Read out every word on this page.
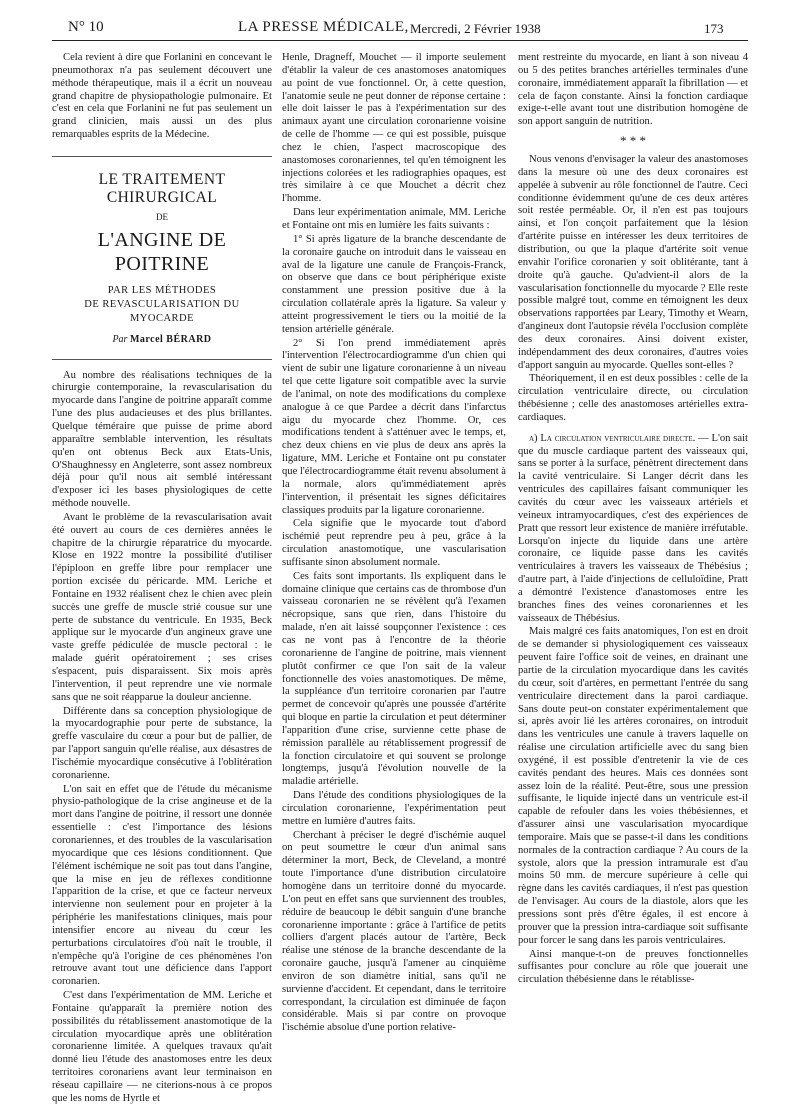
N° 10	LA PRESSE MÉDICALE, Mercredi, 2 Février 1938	173

Cela revient à dire que Forlanini en concevant le pneumothorax n'a pas seulement découvert une méthode thérapeutique, mais il a écrit un nouveau grand chapitre de physiopathologie pulmonaire. Et c'est en cela que Forlanini ne fut pas seulement un grand clinicien, mais aussi un des plus remarquables esprits de la Médecine.

LE TRAITEMENT CHIRURGICAL
DE
L'ANGINE DE POITRINE
PAR LES MÉTHODES
DE REVASCULARISATION DU MYOCARDE
Par Marcel BÉRARD

Au nombre des réalisations techniques de la chirurgie contemporaine, la revascularisation du myocarde dans l'angine de poitrine apparaît comme l'une des plus audacieuses et des plus brillantes. Quelque téméraire que puisse de prime abord apparaître semblable intervention, les résultats qu'en ont obtenus Beck aux Etats-Unis, O'Shaughnessy en Angleterre, sont assez nombreux déjà pour qu'il nous ait semblé intéressant d'exposer ici les bases physiologiques de cette méthode nouvelle.

Avant le problème de la revascularisation avait été ouvert au cours de ces dernières années le chapitre de la chirurgie réparatrice du myocarde. Klose en 1922 montre la possibilité d'utiliser l'épiploon en greffe libre pour remplacer une portion excisée du péricarde. MM. Leriche et Fontaine en 1932 réalisent chez le chien avec plein succès une greffe de muscle strié cousue sur une perte de substance du ventricule. En 1935, Beck applique sur le myocarde d'un angineux grave une vaste greffe pédiculée de muscle pectoral : le malade guérit opératoirement ; ses crises s'espacent, puis disparaissent. Six mois après l'intervention, il peut reprendre une vie normale sans que ne soit réapparue la douleur ancienne.

Différente dans sa conception physiologique de la myocardographie pour perte de substance, la greffe vasculaire du cœur a pour but de pallier, de par l'apport sanguin qu'elle réalise, aux désastres de l'ischémie myocardique consécutive à l'oblitération coronarienne.

L'on sait en effet que de l'étude du mécanisme physio-pathologique de la crise angineuse et de la mort dans l'angine de poitrine, il ressort une donnée essentielle : c'est l'importance des lésions coronariennes, et des troubles de la vascularisation myocardique que ces lésions conditionnent. Que l'élément ischémique ne soit pas tout dans l'angine, que la mise en jeu de réflexes conditionne l'apparition de la crise, et que ce facteur nerveux intervienne non seulement pour en projeter à la périphérie les manifestations cliniques, mais pour intensifier encore au niveau du cœur les perturbations circulatoires d'où naît le trouble, il n'empêche qu'à l'origine de ces phénomènes l'on retrouve avant tout une déficience dans l'apport coronarien.

C'est dans l'expérimentation de MM. Leriche et Fontaine qu'apparaît la première notion des possibilités du rétablissement anastomotique de la circulation myocardique après une oblitération coronarienne limitée. A quelques travaux qu'ait donné lieu l'étude des anastomoses entre les deux territoires coronariens avant leur terminaison en réseau capillaire — ne citerions-nous à ce propos que les noms de Hyrtle et

Henle, Dragneff, Mouchet — il importe seulement d'établir la valeur de ces anastomoses anatomiques au point de vue fonctionnel. Or, à cette question, l'anatomie seule ne peut donner de réponse certaine : elle doit laisser le pas à l'expérimentation sur des animaux ayant une circulation coronarienne voisine de celle de l'homme — ce qui est possible, puisque chez le chien, l'aspect macroscopique des anastomoses coronariennes, tel qu'en témoignent les injections colorées et les radiographies opaques, est très similaire à ce que Mouchet a décrit chez l'homme.

Dans leur expérimentation animale, MM. Leriche et Fontaine ont mis en lumière les faits suivants :

1° Si après ligature de la branche descendante de la coronaire gauche on introduit dans le vaisseau en aval de la ligature une canule de François-Franck, on observe que dans ce bout périphérique existe constamment une pression positive due à la circulation collatérale après la ligature. Sa valeur y atteint progressivement le tiers ou la moitié de la tension artérielle générale.

2° Si l'on prend immédiatement après l'intervention l'électrocardiogramme d'un chien qui vient de subir une ligature coronarienne à un niveau tel que cette ligature soit compatible avec la survie de l'animal, on note des modifications du complexe analogue à ce que Pardee a décrit dans l'infarctus aigu du myocarde chez l'homme. Or, ces modifications tendent à s'atténuer avec le temps, et, chez deux chiens en vie plus de deux ans après la ligature, MM. Leriche et Fontaine ont pu constater que l'électrocardiogramme était revenu absolument à la normale, alors qu'immédiatement après l'intervention, il présentait les signes déficitaires classiques produits par la ligature coronarienne.

Cela signifie que le myocarde tout d'abord ischémié peut reprendre peu à peu, grâce à la circulation anastomotique, une vascularisation suffisante sinon absolument normale.

Ces faits sont importants. Ils expliquent dans le domaine clinique que certains cas de thrombose d'un vaisseau coronarien ne se révèlent qu'à l'examen nécropsique, sans que rien, dans l'histoire du malade, n'en ait laissé soupçonner l'existence : ces cas ne vont pas à l'encontre de la théorie coronarienne de l'angine de poitrine, mais viennent plutôt confirmer ce que l'on sait de la valeur fonctionnelle des voies anastomotiques. De même, la suppléance d'un territoire coronarien par l'autre permet de concevoir qu'après une poussée d'artérite qui bloque en partie la circulation et peut déterminer l'apparition d'une crise, survienne cette phase de rémission parallèle au rétablissement progressif de la fonction circulatoire et qui souvent se prolonge longtemps, jusqu'à l'évolution nouvelle de la maladie artérielle.

Dans l'étude des conditions physiologiques de la circulation coronarienne, l'expérimentation peut mettre en lumière d'autres faits.

Cherchant à préciser le degré d'ischémie auquel on peut soumettre le cœur d'un animal sans déterminer la mort, Beck, de Cleveland, a montré toute l'importance d'une distribution circulatoire homogène dans un territoire donné du myocarde. L'on peut en effet sans que surviennent des troubles, réduire de beaucoup le débit sanguin d'une branche coronarienne importante : grâce à l'artifice de petits colliers d'argent placés autour de l'artère, Beck réalise une sténose de la branche descendante de la coronaire gauche, jusqu'à l'amener au cinquième environ de son diamètre initial, sans qu'il ne survienne d'accident. Et cependant, dans le territoire correspondant, la circulation est diminuée de façon considérable. Mais si par contre on provoque l'ischémie absolue d'une portion relative-

ment restreinte du myocarde, en liant à son niveau 4 ou 5 des petites branches artérielles terminales d'une coronaire, immédiatement apparaît la fibrillation — et cela de façon constante. Ainsi la fonction cardiaque exige-t-elle avant tout une distribution homogène de son apport sanguin de nutrition.

* * *

Nous venons d'envisager la valeur des anastomoses dans la mesure où une des deux coronaires est appelée à subvenir au rôle fonctionnel de l'autre. Ceci conditionne évidemment qu'une de ces deux artères soit restée perméable. Or, il n'en est pas toujours ainsi, et l'on conçoit parfaitement que la lésion d'artérite puisse en intéresser les deux territoires de distribution, ou que la plaque d'artérite soit venue envahir l'orifice coronarien y soit oblitérante, tant à droite qu'à gauche. Qu'advient-il alors de la vascularisation fonctionnelle du myocarde ? Elle reste possible malgré tout, comme en témoignent les deux observations rapportées par Leary, Timothy et Wearn, d'angineux dont l'autopsie révéla l'occlusion complète des deux coronaires. Ainsi doivent exister, indépendamment des deux coronaires, d'autres voies d'apport sanguin au myocarde. Quelles sont-elles ?

Théoriquement, il en est deux possibles : celle de la circulation ventriculaire directe, ou circulation thébésienne ; celle des anastomoses artérielles extra-cardiaques.

a) La circulation ventriculaire directe. — L'on sait que du muscle cardiaque partent des vaisseaux qui, sans se porter à la surface, pénètrent directement dans la cavité ventriculaire. Si Langer décrit dans les ventricules des capillaires faisant communiquer les cavités du cœur avec les vaisseaux artériels et veineux intramyocardiques, c'est des expériences de Pratt que ressort leur existence de manière irréfutable. Lorsqu'on injecte du liquide dans une artère coronaire, ce liquide passe dans les cavités ventriculaires à travers les vaisseaux de Thébésius ; d'autre part, à l'aide d'injections de celluloïdine, Pratt a démontré l'existence d'anastomoses entre les branches fines des veines coronariennes et les vaisseaux de Thébésius.

Mais malgré ces faits anatomiques, l'on est en droit de se demander si physiologiquement ces vaisseaux peuvent faire l'office soit de veines, en drainant une partie de la circulation myocardique dans les cavités du cœur, soit d'artères, en permettant l'entrée du sang ventriculaire directement dans la paroi cardiaque. Sans doute peut-on constater expérimentalement que si, après avoir lié les artères coronaires, on introduit dans les ventricules une canule à travers laquelle on réalise une circulation artificielle avec du sang bien oxygéné, il est possible d'entretenir la vie de ces cavités pendant des heures. Mais ces données sont assez loin de la réalité. Peut-être, sous une pression suffisante, le liquide injecté dans un ventricule est-il capable de refouler dans les voies thébésiennes, et d'assurer ainsi une vascularisation myocardique temporaire. Mais que se passe-t-il dans les conditions normales de la contraction cardiaque ? Au cours de la systole, alors que la pression intramurale est d'au moins 50 mm. de mercure supérieure à celle qui règne dans les cavités cardiaques, il n'est pas question de l'envisager. Au cours de la diastole, alors que les pressions sont près d'être égales, il est encore à prouver que la pression intra-cardiaque soit suffisante pour forcer le sang dans les parois ventriculaires.

Ainsi manque-t-on de preuves fonctionnelles suffisantes pour conclure au rôle que jouerait une circulation thébésienne dans le rétablisse-
